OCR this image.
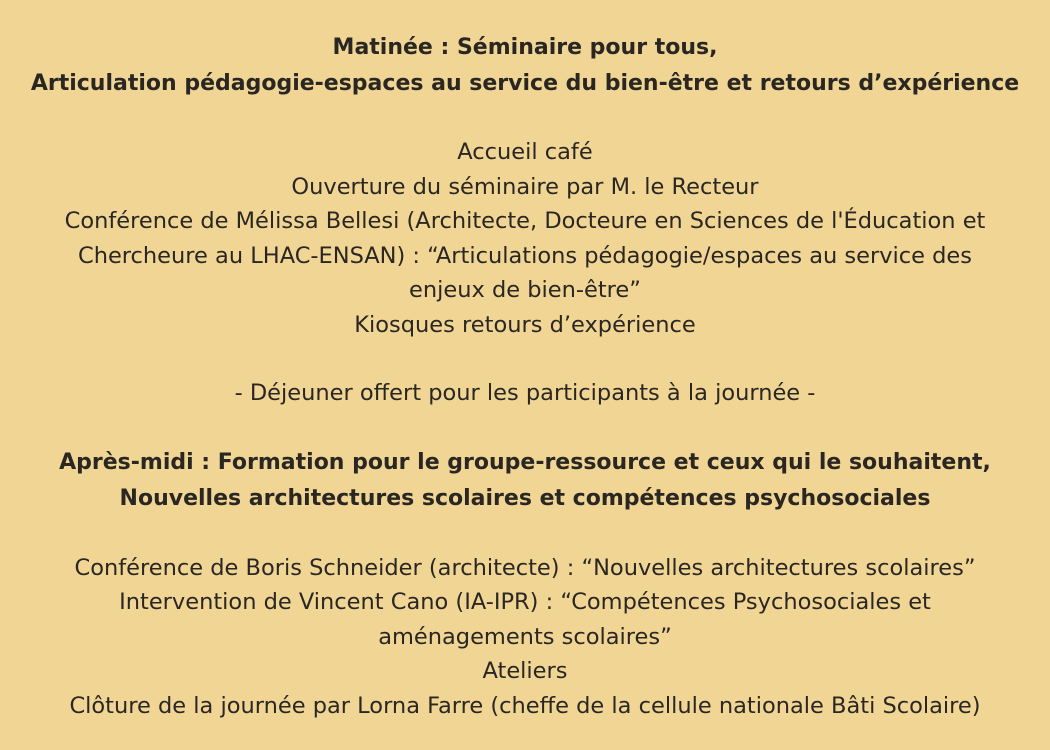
Matinée : Séminaire pour tous,
Articulation pédagogie-espaces au service du bien-être et retours d’expérience
Accueil café
Ouverture du séminaire par M. le Recteur
Conférence de Mélissa Bellesi (Architecte, Docteure en Sciences de l'Éducation et
Chercheure au LHAC-ENSAN) : “Articulations pédagogie/espaces au service des
enjeux de bien-être”
Kiosques retours d’expérience
- Déjeuner offert pour les participants à la journée -
Après-midi : Formation pour le groupe-ressource et ceux qui le souhaitent,
Nouvelles architectures scolaires et compétences psychosociales
Conférence de Boris Schneider (architecte) : “Nouvelles architectures scolaires”
Intervention de Vincent Cano (IA-IPR) : “Compétences Psychosociales et
aménagements scolaires”
Ateliers
Clôture de la journée par Lorna Farre (cheffe de la cellule nationale Bâti Scolaire)
